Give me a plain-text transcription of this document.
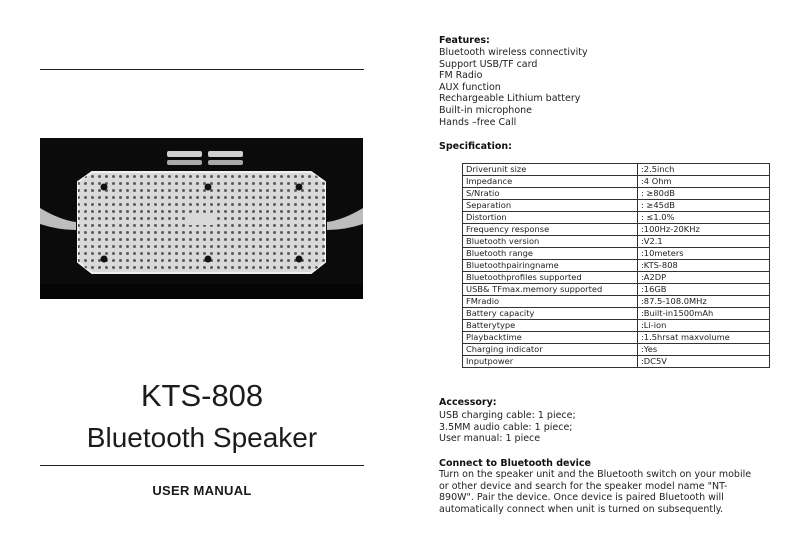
KTS-808
Bluetooth Speaker
USER MANUAL
Features:
Bluetooth wireless connectivity
Support USB/TF card
FM Radio
AUX function
Rechargeable Lithium battery
Built-in microphone
Hands –free Call
Specification:
Driverunit size	:2.5inch
Impedance	:4 Ohm
S/Nratio	: ≥80dB
Separation	: ≥45dB
Distortion	: ≤1.0%
Frequency response	:100Hz-20KHz
Bluetooth version	:V2.1
Bluetooth range	:10meters
Bluetoothpairingname	:KTS-808
Bluetoothprofiles supported	:A2DP
USB& TFmax.memory supported	:16GB
FMradio	:87.5-108.0MHz
Battery capacity	:Built-in1500mAh
Batterytype	:Li-ion
Playbacktime	:1.5hrsat maxvolume
Charging indicator	:Yes
Inputpower	:DC5V
Accessory:
USB charging cable: 1 piece;
3.5MM audio cable: 1 piece;
User manual: 1 piece
Connect to Bluetooth device
Turn on the speaker unit and the Bluetooth switch on your mobile or other device and search for the speaker model name "NT-890W". Pair the device. Once device is paired Bluetooth will automatically connect when unit is turned on subsequently.
